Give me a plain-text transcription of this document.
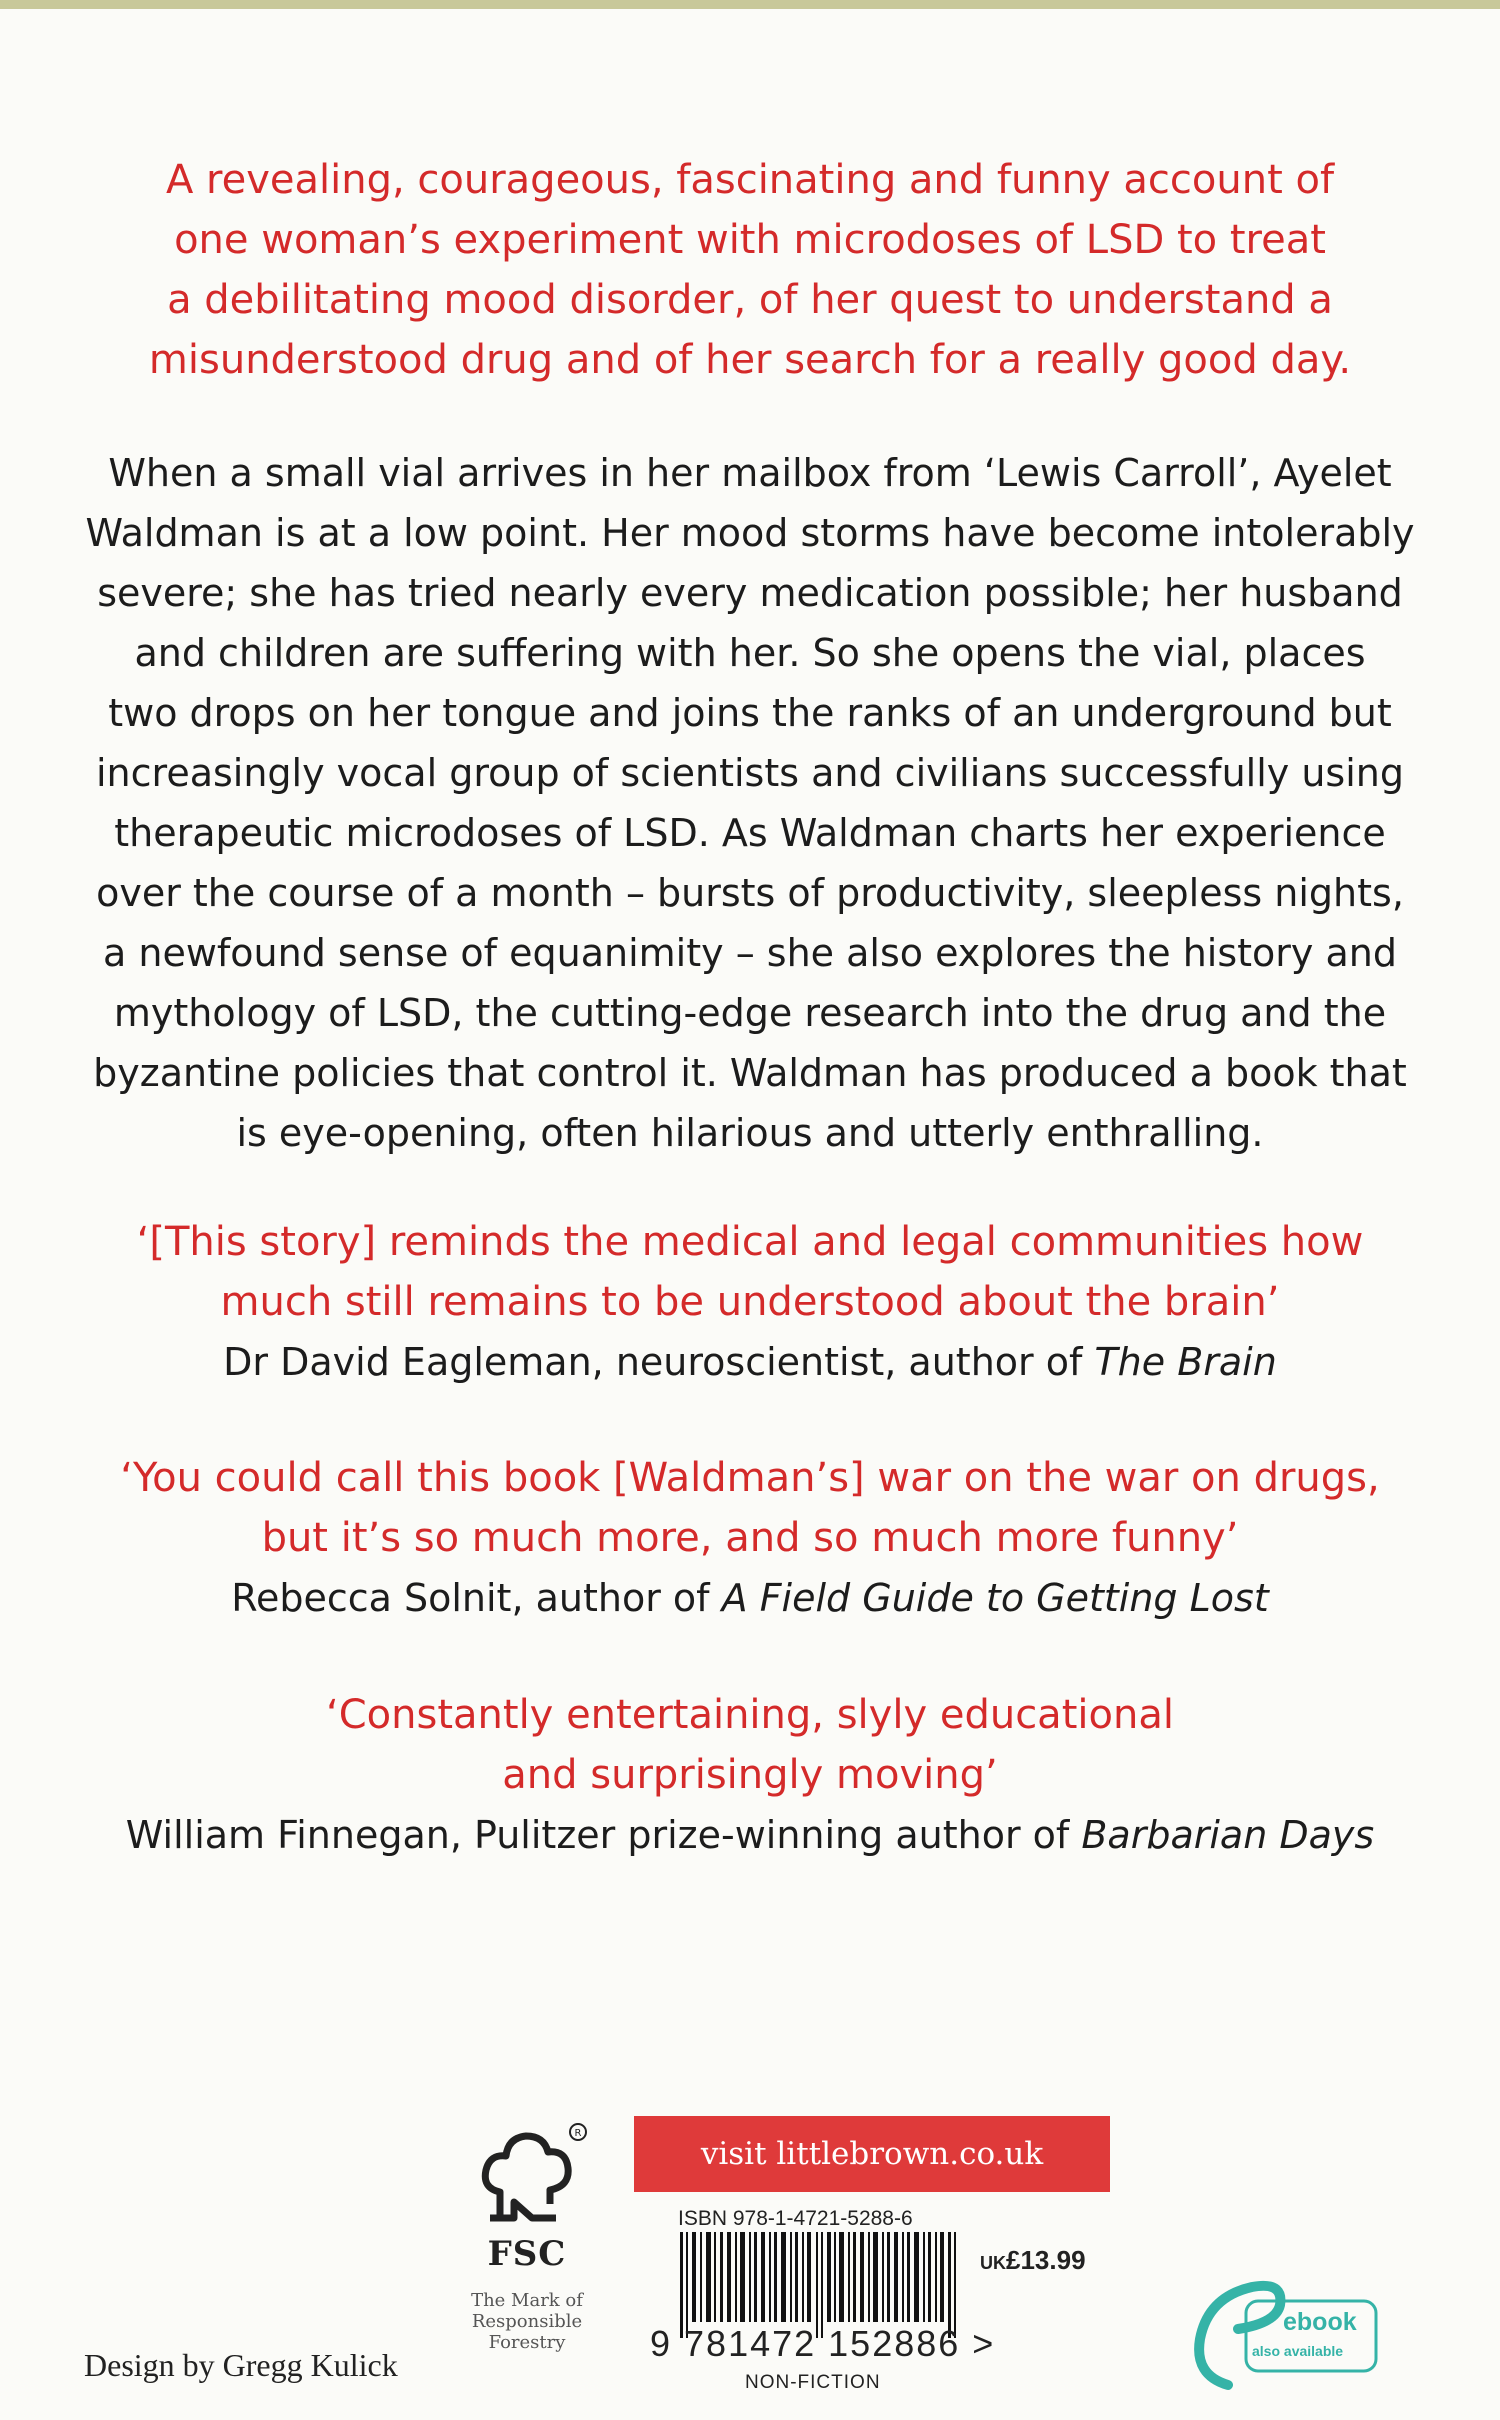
A revealing, courageous, fascinating and funny account of
one woman’s experiment with microdoses of LSD to treat
a debilitating mood disorder, of her quest to understand a
misunderstood drug and of her search for a really good day.

When a small vial arrives in her mailbox from ‘Lewis Carroll’, Ayelet
Waldman is at a low point. Her mood storms have become intolerably
severe; she has tried nearly every medication possible; her husband
and children are suffering with her. So she opens the vial, places
two drops on her tongue and joins the ranks of an underground but
increasingly vocal group of scientists and civilians successfully using
therapeutic microdoses of LSD. As Waldman charts her experience
over the course of a month – bursts of productivity, sleepless nights,
a newfound sense of equanimity – she also explores the history and
mythology of LSD, the cutting-edge research into the drug and the
byzantine policies that control it. Waldman has produced a book that
is eye-opening, often hilarious and utterly enthralling.

‘[This story] reminds the medical and legal communities how
much still remains to be understood about the brain’

Dr David Eagleman, neuroscientist, author of The Brain

‘You could call this book [Waldman’s] war on the war on drugs,
but it’s so much more, and so much more funny’

Rebecca Solnit, author of A Field Guide to Getting Lost

‘Constantly entertaining, slyly educational
and surprisingly moving’

William Finnegan, Pulitzer prize-winning author of Barbarian Days

R
FSC
The Mark of
Responsible
Forestry
visit littlebrown.co.uk
ISBN 978-1-4721-5288-6
9 781472 152886 >
UK£13.99
NON-FICTION
ebook
also available
Design by Gregg Kulick
